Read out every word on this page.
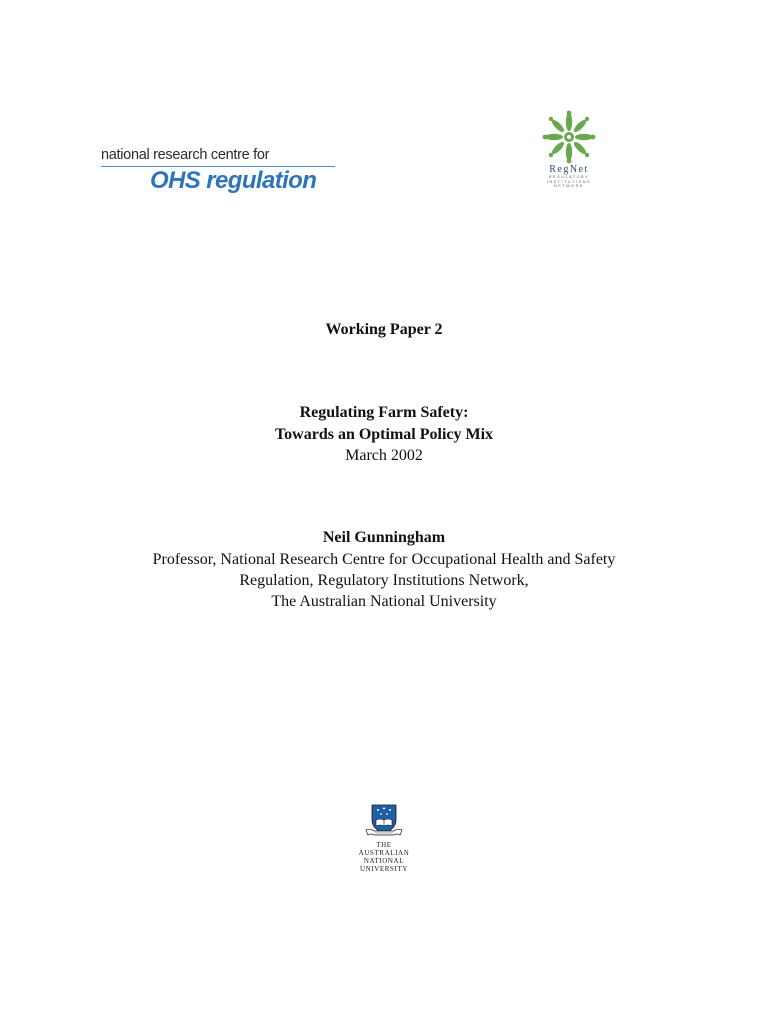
national research centre for
OHS regulation	RegNet
REGULATORY
INSTITUTIONS
NETWORK
Working Paper 2
Regulating Farm Safety:
Towards an Optimal Policy Mix
March 2002
Neil Gunningham
Professor, National Research Centre for Occupational Health and Safety
Regulation, Regulatory Institutions Network,
The Australian National University
THE
AUSTRALIAN
NATIONAL
UNIVERSITY
